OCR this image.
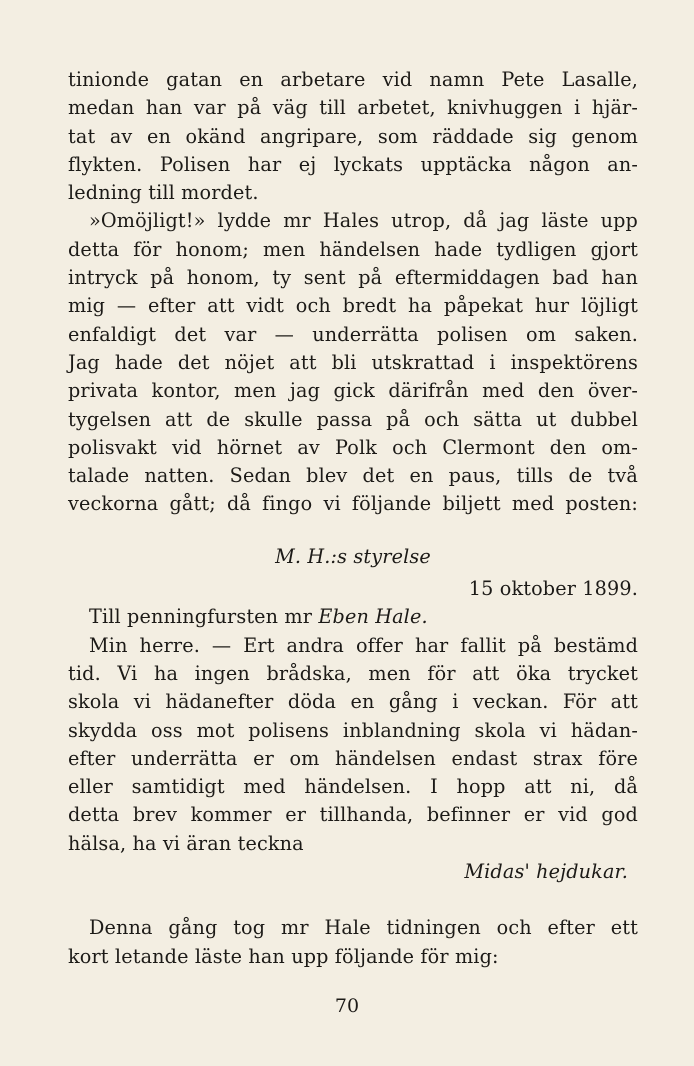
tinionde gatan en arbetare vid namn Pete Lasalle,

medan han var på väg till arbetet, knivhuggen i hjär-

tat av en okänd angripare, som räddade sig genom

flykten. Polisen har ej lyckats upptäcka någon an-

ledning till mordet.

»Omöjligt!» lydde mr Hales utrop, då jag läste upp

detta för honom; men händelsen hade tydligen gjort

intryck på honom, ty sent på eftermiddagen bad han

mig — efter att vidt och bredt ha påpekat hur löjligt

enfaldigt det var — underrätta polisen om saken.

Jag hade det nöjet att bli utskrattad i inspektörens

privata kontor, men jag gick därifrån med den över-

tygelsen att de skulle passa på och sätta ut dubbel

polisvakt vid hörnet av Polk och Clermont den om-

talade natten. Sedan blev det en paus, tills de två

veckorna gått; då fingo vi följande biljett med posten:

M. H.:s styrelse

15 oktober 1899.

Till penningfursten mr Eben Hale.

Min herre. — Ert andra offer har fallit på bestämd

tid. Vi ha ingen brådska, men för att öka trycket

skola vi hädanefter döda en gång i veckan. För att

skydda oss mot polisens inblandning skola vi hädan-

efter underrätta er om händelsen endast strax före

eller samtidigt med händelsen. I hopp att ni, då

detta brev kommer er tillhanda, befinner er vid god

hälsa, ha vi äran teckna

Midas' hejdukar.

Denna gång tog mr Hale tidningen och efter ett

kort letande läste han upp följande för mig:

70
